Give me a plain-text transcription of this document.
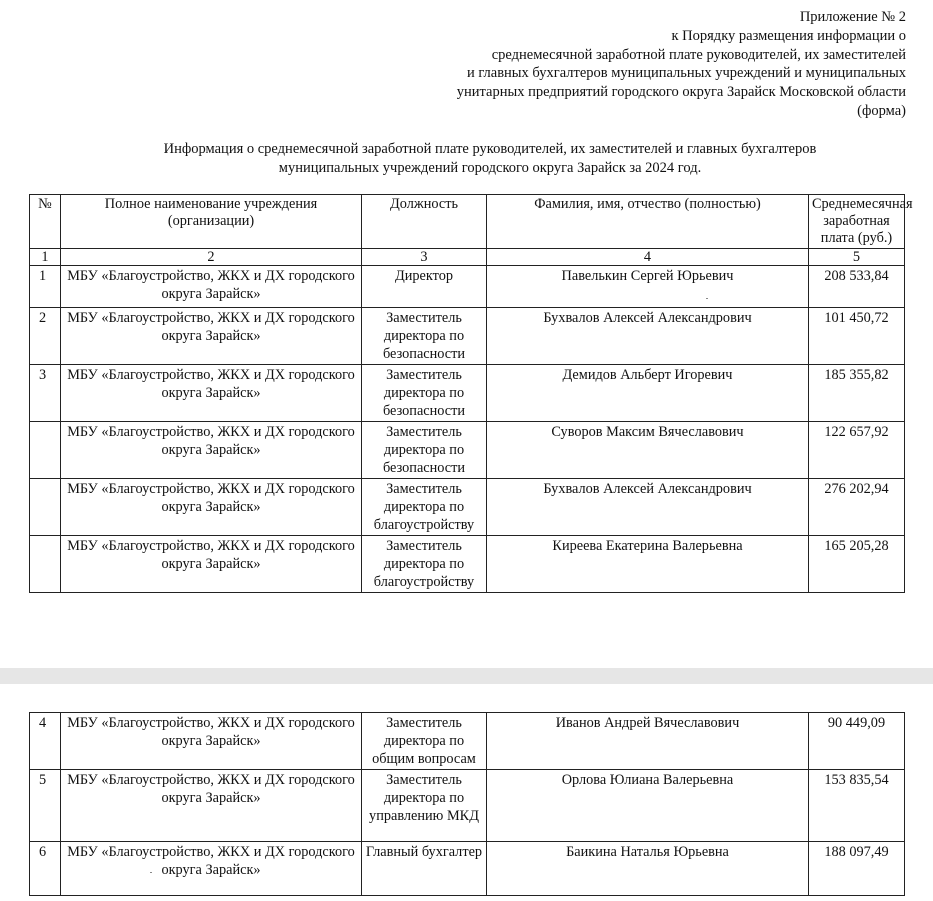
Приложение № 2
к Порядку размещения информации о
среднемесячной заработной плате руководителей, их заместителей
и главных бухгалтеров муниципальных учреждений и муниципальных
унитарных предприятий городского округа Зарайск Московской области
(форма)
Информация о среднемесячной заработной плате руководителей, их заместителей и главных бухгалтеров
муниципальных учреждений городского округа Зарайск за 2024 год.
№	Полное наименование учреждения (организации)	Должность	Фамилия, имя, отчество (полностью)	Среднемесячная заработная плата (руб.)
1	2	3	4	5
1	МБУ «Благоустройство, ЖКХ и ДХ городского округа Зарайск»	Директор	Павелькин Сергей Юрьевич	208 533,84
2	МБУ «Благоустройство, ЖКХ и ДХ городского округа Зарайск»	Заместитель директора по безопасности	Бухвалов Алексей Александрович	101 450,72
3	МБУ «Благоустройство, ЖКХ и ДХ городского округа Зарайск»	Заместитель директора по безопасности	Демидов Альберт Игоревич	185 355,82
	МБУ «Благоустройство, ЖКХ и ДХ городского округа Зарайск»	Заместитель директора по безопасности	Суворов Максим Вячеславович	122 657,92
	МБУ «Благоустройство, ЖКХ и ДХ городского округа Зарайск»	Заместитель директора по благоустройству	Бухвалов Алексей Александрович	276 202,94
	МБУ «Благоустройство, ЖКХ и ДХ городского округа Зарайск»	Заместитель директора по благоустройству	Киреева Екатерина Валерьевна	165 205,28
4	МБУ «Благоустройство, ЖКХ и ДХ городского округа Зарайск»	Заместитель директора по общим вопросам	Иванов Андрей Вячеславович	90 449,09
5	МБУ «Благоустройство, ЖКХ и ДХ городского округа Зарайск»	Заместитель директора по управлению МКД	Орлова Юлиана Валерьевна	153 835,54
6	МБУ «Благоустройство, ЖКХ и ДХ городского округа Зарайск»	Главный бухгалтер	Баикина Наталья Юрьевна	188 097,49
